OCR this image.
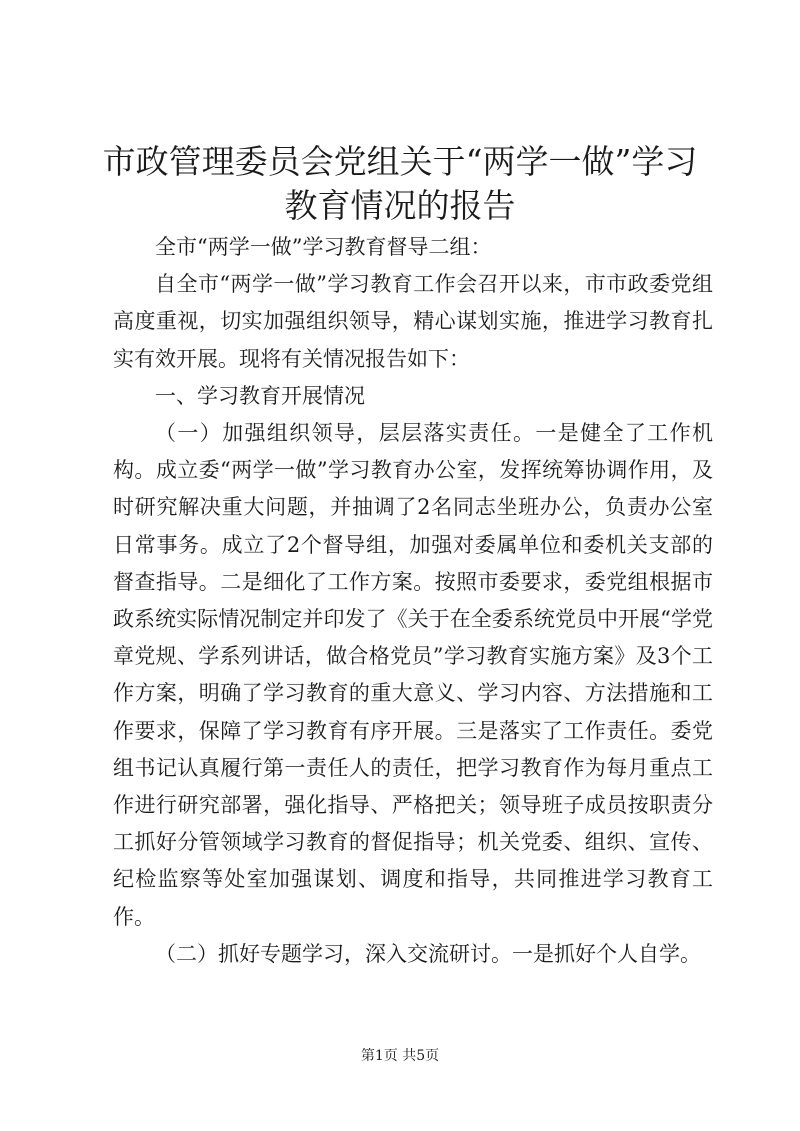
市政管理委员会党组关于“两学一做”学习教育情况的报告

全市“两学一做”学习教育督导二组：

自全市“两学一做”学习教育工作会召开以来，市市政委党组高度重视，切实加强组织领导，精心谋划实施，推进学习教育扎实有效开展。现将有关情况报告如下：

一、学习教育开展情况

（一）加强组织领导，层层落实责任。一是健全了工作机构。成立委“两学一做”学习教育办公室，发挥统筹协调作用，及时研究解决重大问题，并抽调了2名同志坐班办公，负责办公室日常事务。成立了2个督导组，加强对委属单位和委机关支部的督查指导。二是细化了工作方案。按照市委要求，委党组根据市政系统实际情况制定并印发了《关于在全委系统党员中开展“学党章党规、学系列讲话，做合格党员”学习教育实施方案》及3个工作方案，明确了学习教育的重大意义、学习内容、方法措施和工作要求，保障了学习教育有序开展。三是落实了工作责任。委党组书记认真履行第一责任人的责任，把学习教育作为每月重点工作进行研究部署，强化指导、严格把关；领导班子成员按职责分工抓好分管领域学习教育的督促指导；机关党委、组织、宣传、纪检监察等处室加强谋划、调度和指导，共同推进学习教育工作。

（二）抓好专题学习，深入交流研讨。一是抓好个人自学。

第1页 共5页
